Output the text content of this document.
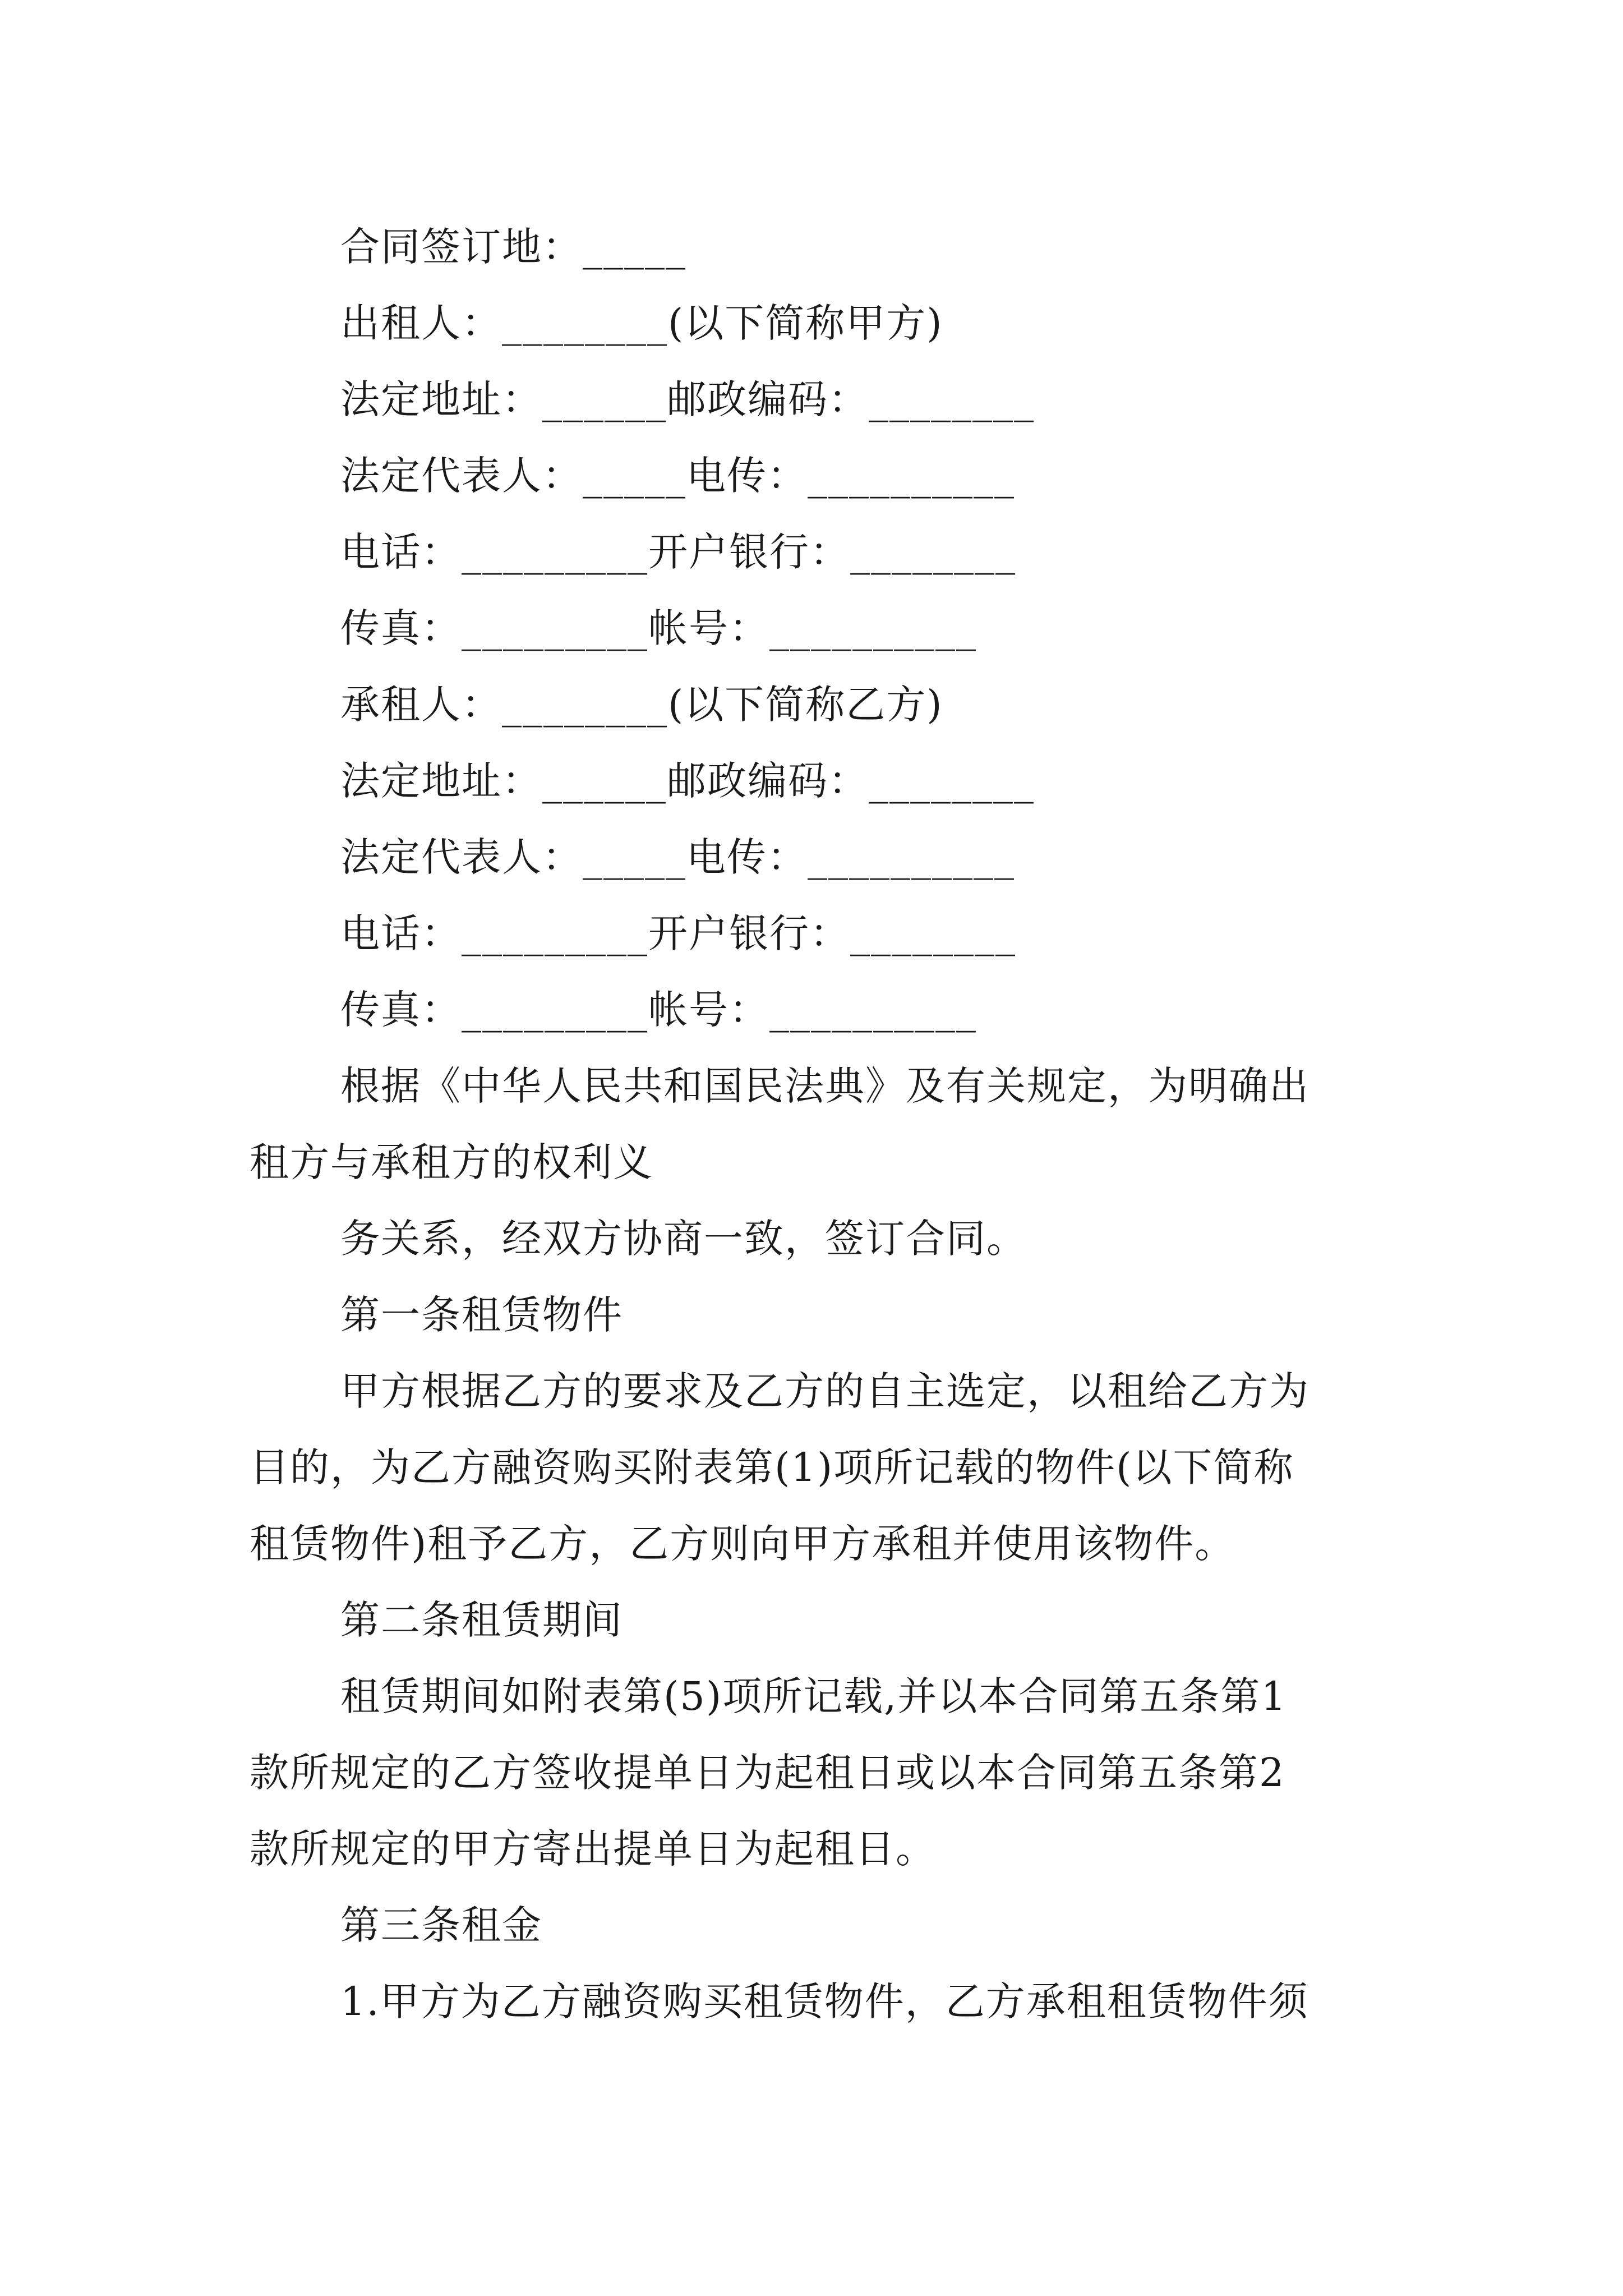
合同签订地：_____
出租人：________(以下简称甲方)
法定地址：______邮政编码：________
法定代表人：_____电传：__________
电话：_________开户银行：________
传真：_________帐号：__________
承租人：________(以下简称乙方)
法定地址：______邮政编码：________
法定代表人：_____电传：__________
电话：_________开户银行：________
传真：_________帐号：__________
根据《中华人民共和国民法典》及有关规定，为明确出
租方与承租方的权利义
务关系，经双方协商一致，签订合同。
第一条租赁物件
甲方根据乙方的要求及乙方的自主选定，以租给乙方为
目的，为乙方融资购买附表第(1)项所记载的物件(以下简称
租赁物件)租予乙方，乙方则向甲方承租并使用该物件。
第二条租赁期间
租赁期间如附表第(5)项所记载,并以本合同第五条第1
款所规定的乙方签收提单日为起租日或以本合同第五条第2
款所规定的甲方寄出提单日为起租日。
第三条租金
1.甲方为乙方融资购买租赁物件，乙方承租租赁物件须
